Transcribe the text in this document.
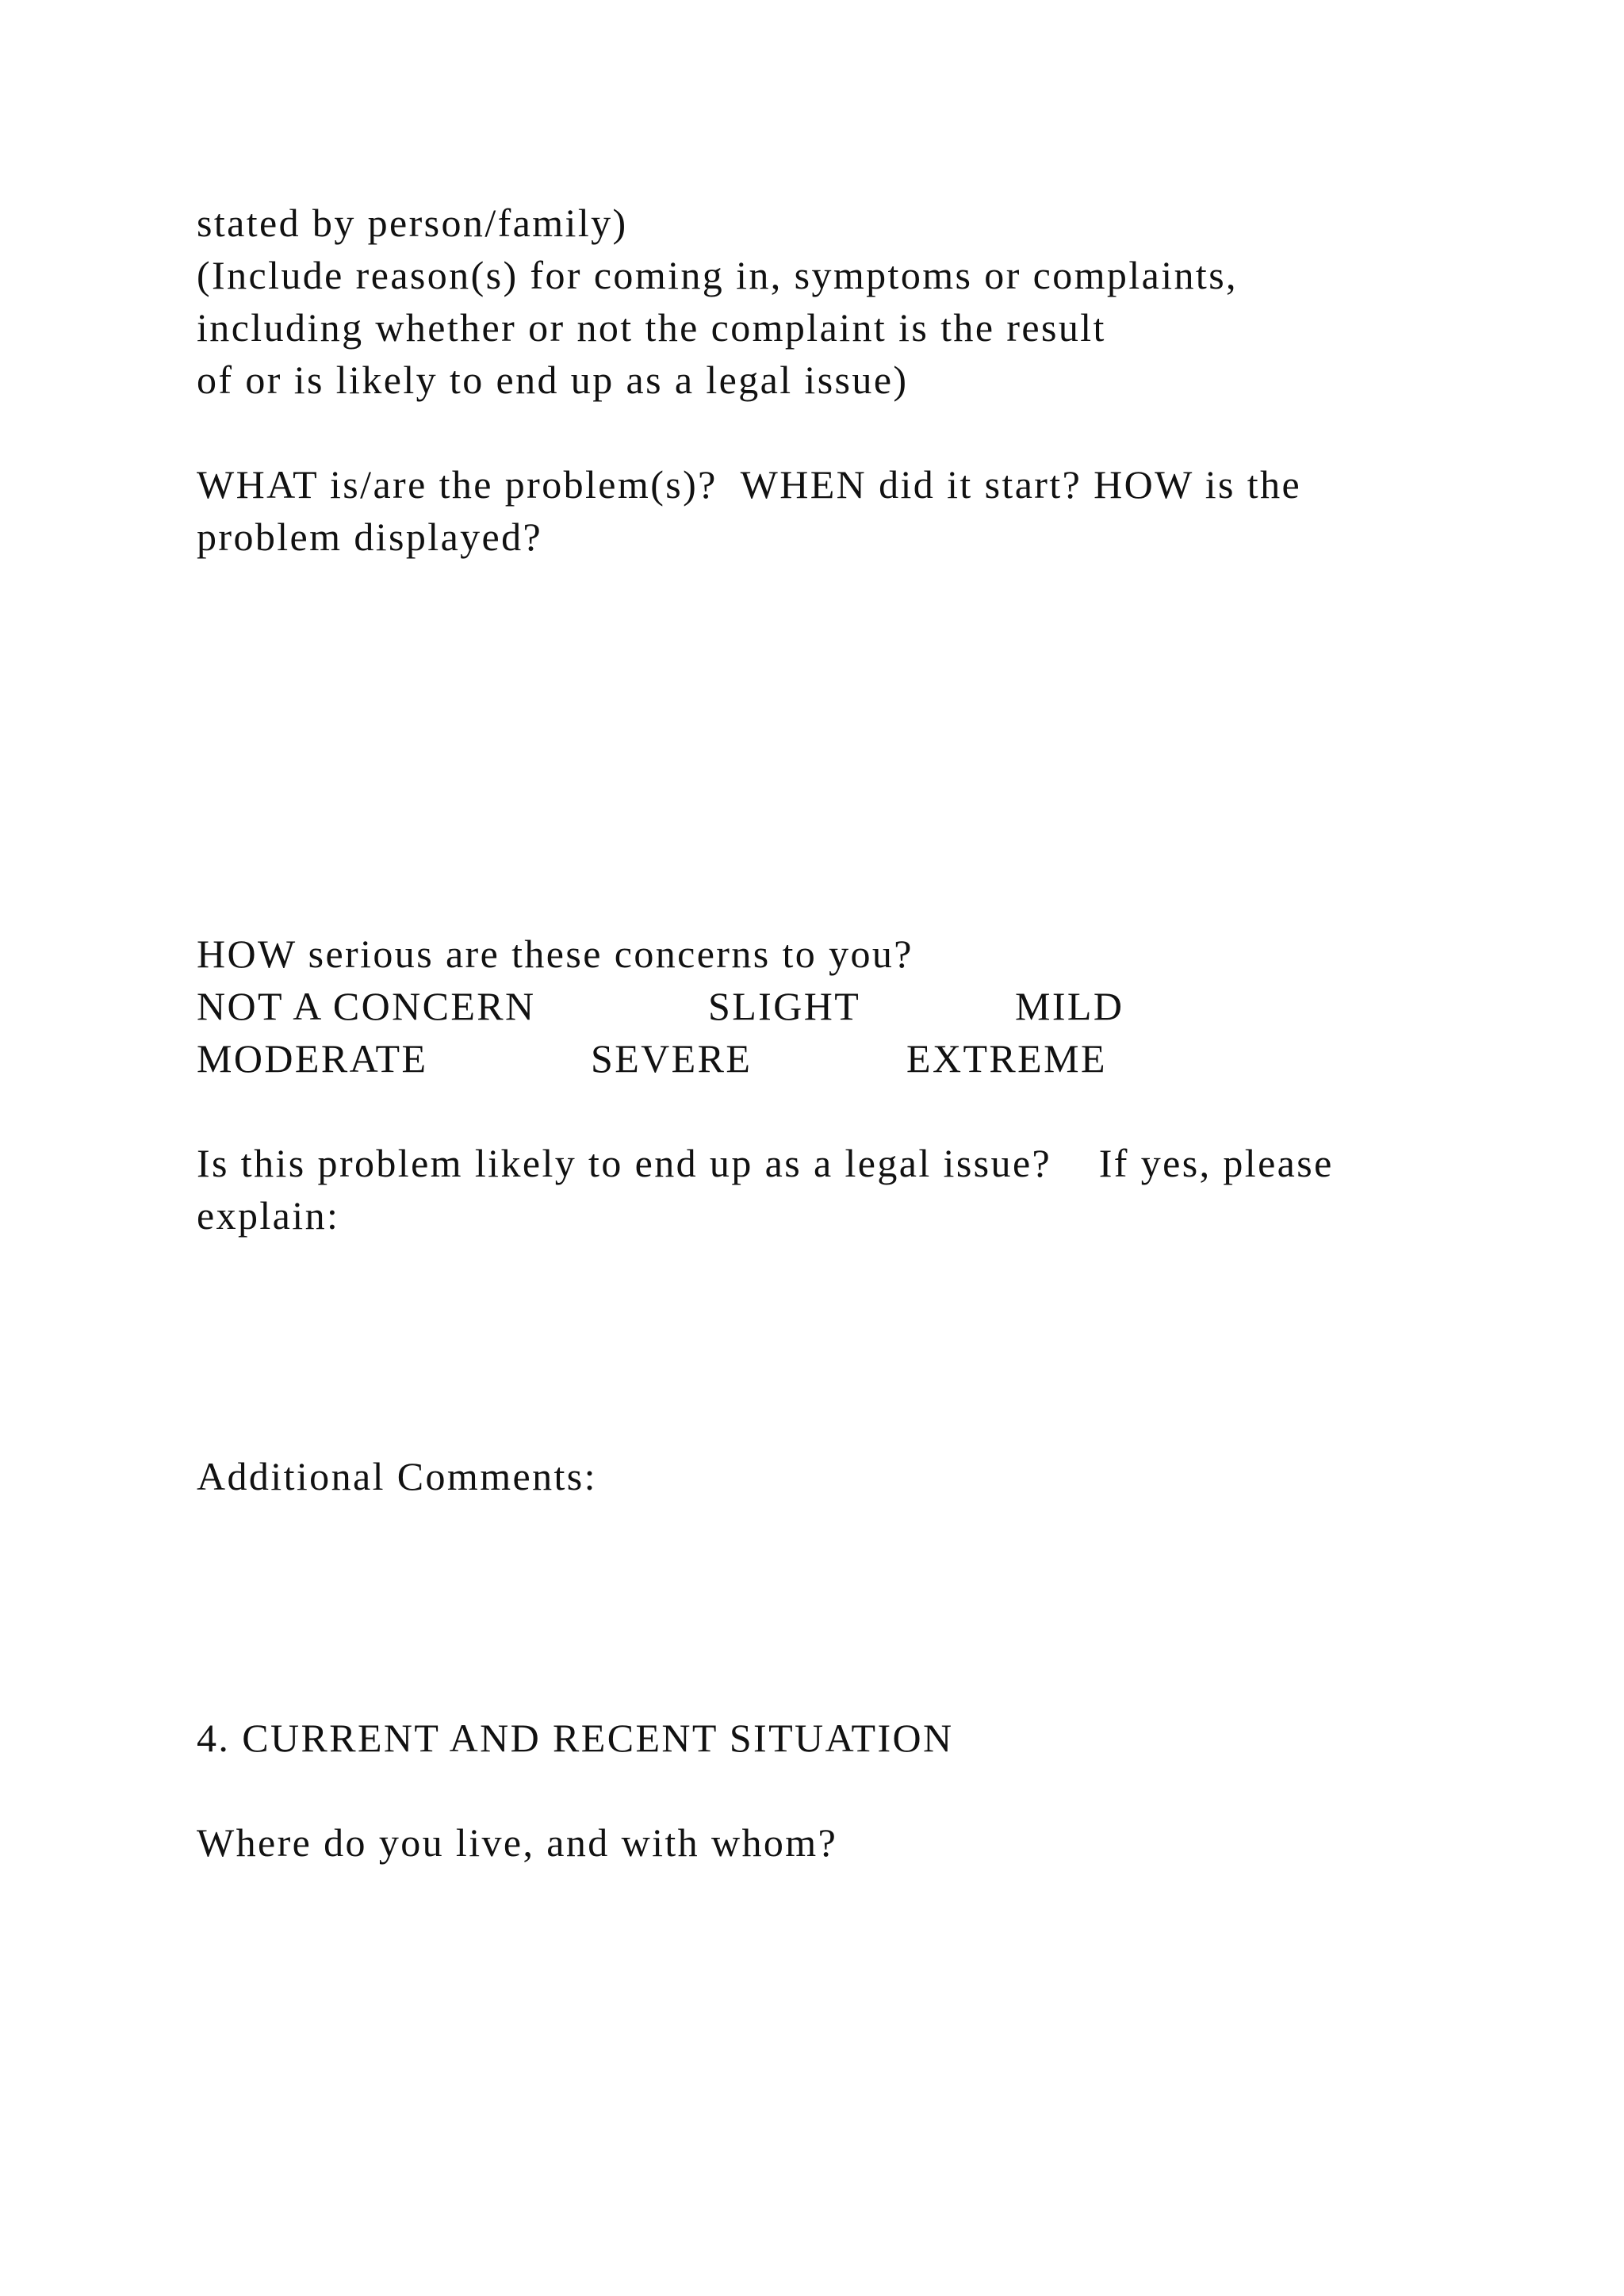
stated by person/family)

(Include reason(s) for coming in, symptoms or complaints,

including whether or not the complaint is the result

of or is likely to end up as a legal issue)

WHAT is/are the problem(s)?  WHEN did it start? HOW is the

problem displayed?

HOW serious are these concerns to you?

NOT A CONCERN	SLIGHT	MILD

MODERATE	SEVERE	EXTREME

Is this problem likely to end up as a legal issue?    If yes, please

explain:

Additional Comments:

4. CURRENT AND RECENT SITUATION

Where do you live, and with whom?
